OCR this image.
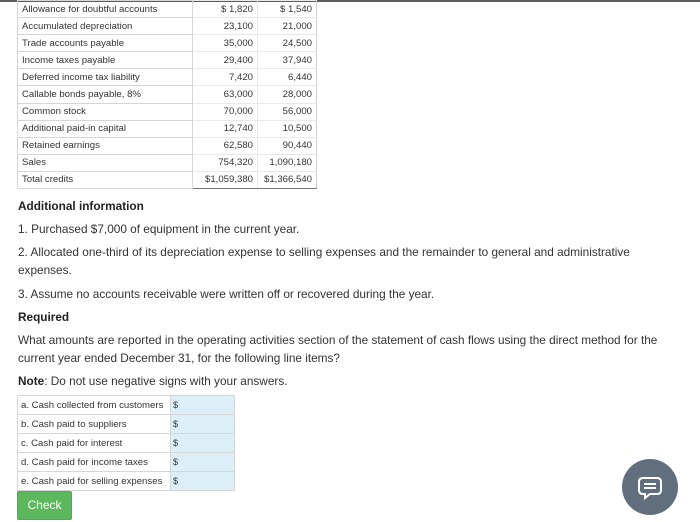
Allowance for doubtful accounts	$ 1,820	$ 1,540
Accumulated depreciation	23,100	21,000
Trade accounts payable	35,000	24,500
Income taxes payable	29,400	37,940
Deferred income tax liability	7,420	6,440
Callable bonds payable, 8%	63,000	28,000
Common stock	70,000	56,000
Additional paid-in capital	12,740	10,500
Retained earnings	62,580	90,440
Sales	754,320	1,090,180
Total credits	$1,059,380	$1,366,540
Additional information
1. Purchased $7,000 of equipment in the current year.
2. Allocated one-third of its depreciation expense to selling expenses and the remainder to general and administrative expenses.
3. Assume no accounts receivable were written off or recovered during the year.
Required
What amounts are reported in the operating activities section of the statement of cash flows using the direct method for the current year ended December 31, for the following line items?
Note: Do not use negative signs with your answers.
a. Cash collected from customers	$	
b. Cash paid to suppliers	$	
c. Cash paid for interest	$	
d. Cash paid for income taxes	$	
e. Cash paid for selling expenses	$	
Check
